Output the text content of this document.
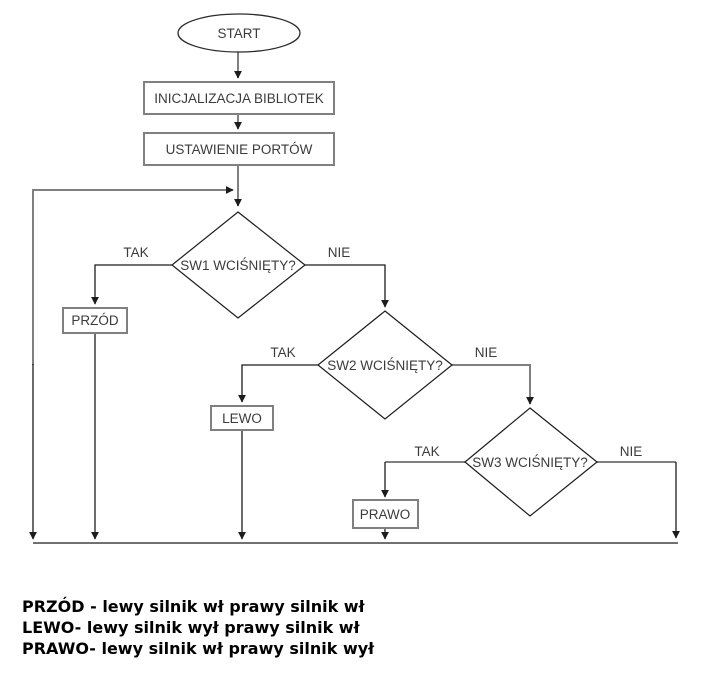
START
INICJALIZACJA BIBLIOTEK
USTAWIENIE PORTÓW
SW1 WCIŚNIĘTY?
SW2 WCIŚNIĘTY?
SW3 WCIŚNIĘTY?
PRZÓD
LEWO
PRAWO
TAK	NIE
TAK	NIE
TAK	NIE
PRZÓD - lewy silnik wł prawy silnik wł
LEWO- lewy silnik wył prawy silnik wł
PRAWO- lewy silnik wł prawy silnik wył
